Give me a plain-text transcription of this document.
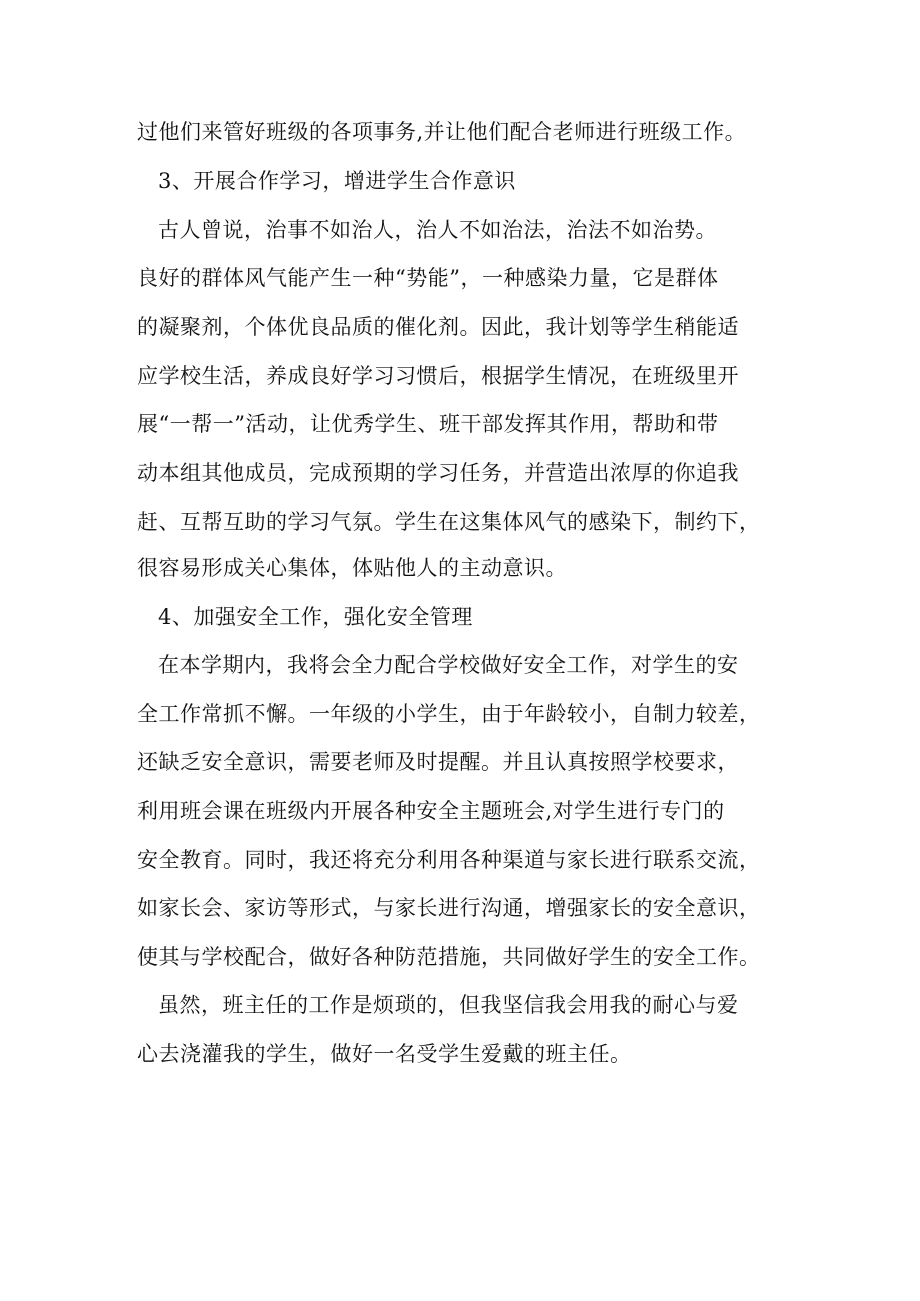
过他们来管好班级的各项事务,并让他们配合老师进行班级工作。
3、开展合作学习，增进学生合作意识
古人曾说，治事不如治人，治人不如治法，治法不如治势。
良好的群体风气能产生一种“势能”，一种感染力量，它是群体
的凝聚剂，个体优良品质的催化剂。因此，我计划等学生稍能适
应学校生活，养成良好学习习惯后，根据学生情况，在班级里开
展“一帮一”活动，让优秀学生、班干部发挥其作用，帮助和带
动本组其他成员，完成预期的学习任务，并营造出浓厚的你追我
赶、互帮互助的学习气氛。学生在这集体风气的感染下，制约下，
很容易形成关心集体，体贴他人的主动意识。
4、加强安全工作，强化安全管理
在本学期内，我将会全力配合学校做好安全工作，对学生的安
全工作常抓不懈。一年级的小学生，由于年龄较小，自制力较差，
还缺乏安全意识，需要老师及时提醒。并且认真按照学校要求，
利用班会课在班级内开展各种安全主题班会,对学生进行专门的
安全教育。同时，我还将充分利用各种渠道与家长进行联系交流，
如家长会、家访等形式，与家长进行沟通，增强家长的安全意识，
使其与学校配合，做好各种防范措施，共同做好学生的安全工作。
虽然，班主任的工作是烦琐的，但我坚信我会用我的耐心与爱
心去浇灌我的学生，做好一名受学生爱戴的班主任。
